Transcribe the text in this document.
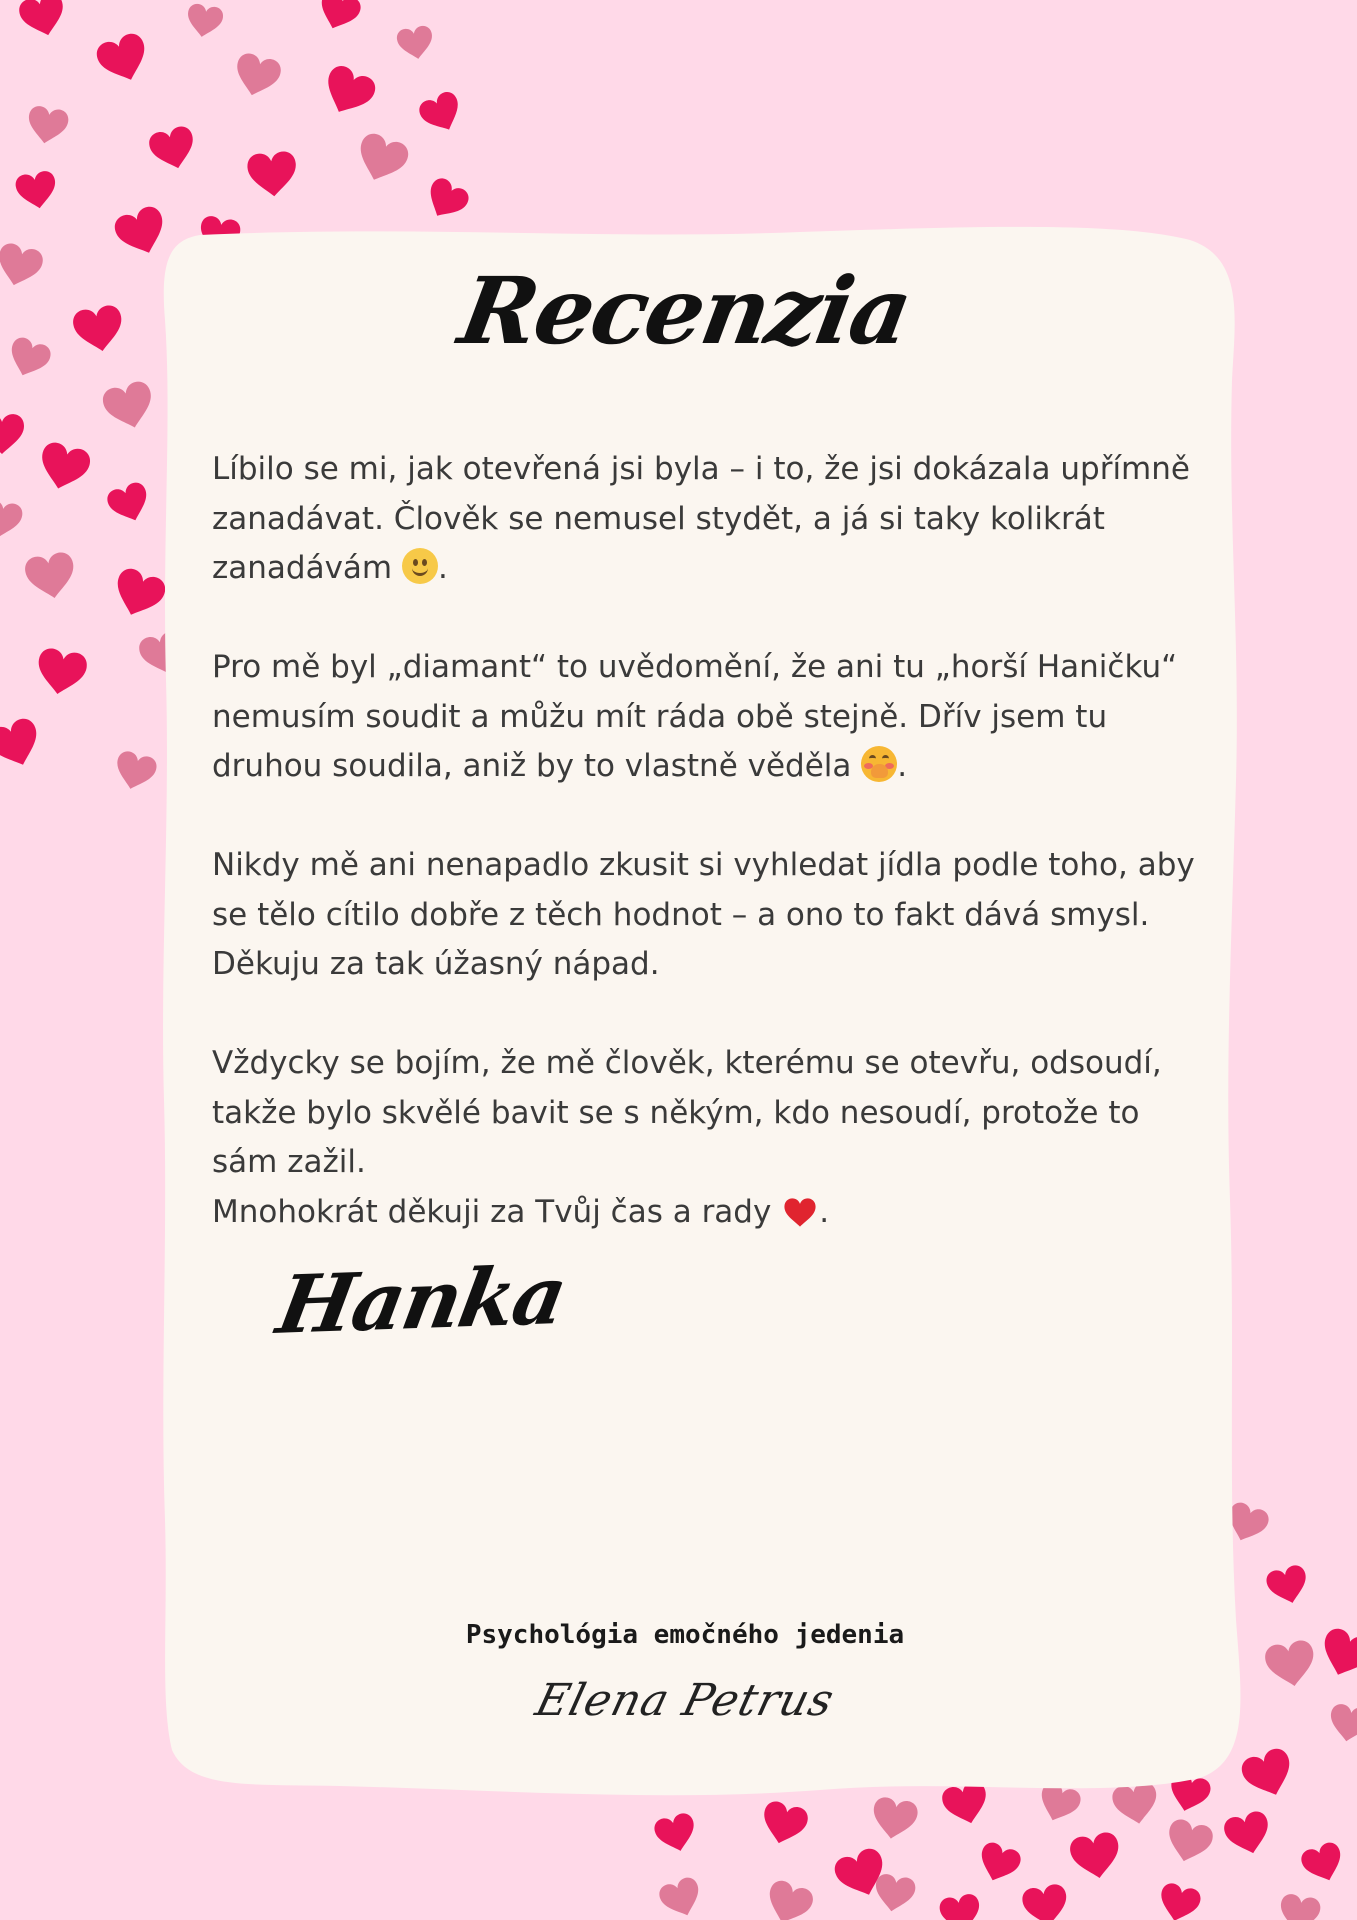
Recenzia

Líbilo se mi, jak otevřená jsi byla – i to, že jsi dokázala upřímně
zanadávat. Člověk se nemusel stydět, a já si taky kolikrát
zanadávám .

Pro mě byl „diamant“ to uvědomění, že ani tu „horší Haničku“
nemusím soudit a můžu mít ráda obě stejně. Dřív jsem tu
druhou soudila, aniž by to vlastně věděla .

Nikdy mě ani nenapadlo zkusit si vyhledat jídla podle toho, aby
se tělo cítilo dobře z těch hodnot – a ono to fakt dává smysl.
Děkuju za tak úžasný nápad.

Vždycky se bojím, že mě člověk, kterému se otevřu, odsoudí,
takže bylo skvělé bavit se s někým, kdo nesoudí, protože to
sám zažil.
Mnohokrát děkuji za Tvůj čas a rady .

Hanka
Psychológia emočného jedenia
Elena Petrus
